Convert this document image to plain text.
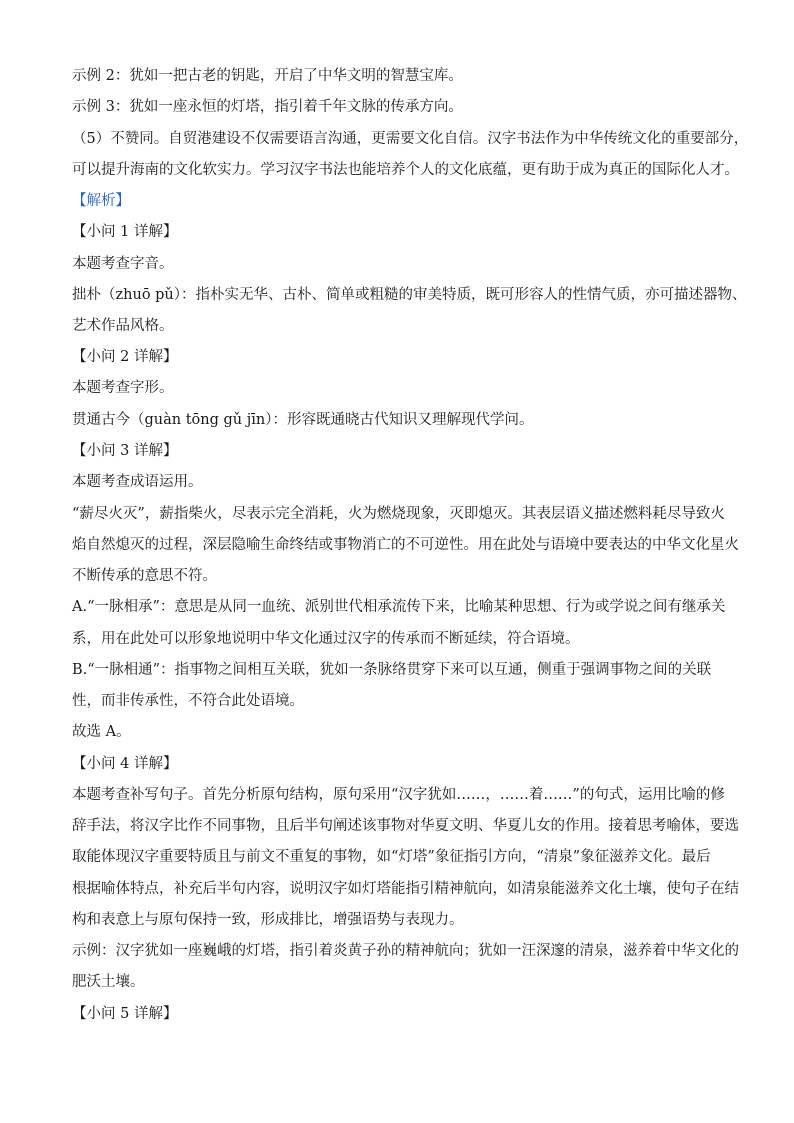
示例 2：犹如一把古老的钥匙，开启了中华文明的智慧宝库。
示例 3：犹如一座永恒的灯塔，指引着千年文脉的传承方向。
（5）不赞同。自贸港建设不仅需要语言沟通，更需要文化自信。汉字书法作为中华传统文化的重要部分，
可以提升海南的文化软实力。学习汉字书法也能培养个人的文化底蕴，更有助于成为真正的国际化人才。
【解析】
【小问 1 详解】
本题考查字音。
拙朴（zhuō pǔ）：指朴实无华、古朴、简单或粗糙的审美特质，既可形容人的性情气质，亦可描述器物、
艺术作品风格。
【小问 2 详解】
本题考查字形。
贯通古今（guàn tōng gǔ jīn）：形容既通晓古代知识又理解现代学问。
【小问 3 详解】
本题考查成语运用。
“薪尽火灭”，薪指柴火，尽表示完全消耗，火为燃烧现象，灭即熄灭。其表层语义描述燃料耗尽导致火
焰自然熄灭的过程，深层隐喻生命终结或事物消亡的不可逆性。用在此处与语境中要表达的中华文化星火
不断传承的意思不符。
A.“一脉相承”：意思是从同一血统、派别世代相承流传下来，比喻某种思想、行为或学说之间有继承关
系，用在此处可以形象地说明中华文化通过汉字的传承而不断延续，符合语境。
B.“一脉相通”：指事物之间相互关联，犹如一条脉络贯穿下来可以互通，侧重于强调事物之间的关联
性，而非传承性，不符合此处语境。
故选 A。
【小问 4 详解】
本题考查补写句子。首先分析原句结构，原句采用“汉字犹如……，……着……”的句式，运用比喻的修
辞手法，将汉字比作不同事物，且后半句阐述该事物对华夏文明、华夏儿女的作用。接着思考喻体，要选
取能体现汉字重要特质且与前文不重复的事物，如“灯塔”象征指引方向，“清泉”象征滋养文化。最后
根据喻体特点，补充后半句内容，说明汉字如灯塔能指引精神航向，如清泉能滋养文化土壤，使句子在结
构和表意上与原句保持一致，形成排比，增强语势与表现力。
示例：汉字犹如一座巍峨的灯塔，指引着炎黄子孙的精神航向；犹如一汪深邃的清泉，滋养着中华文化的
肥沃土壤。
【小问 5 详解】
